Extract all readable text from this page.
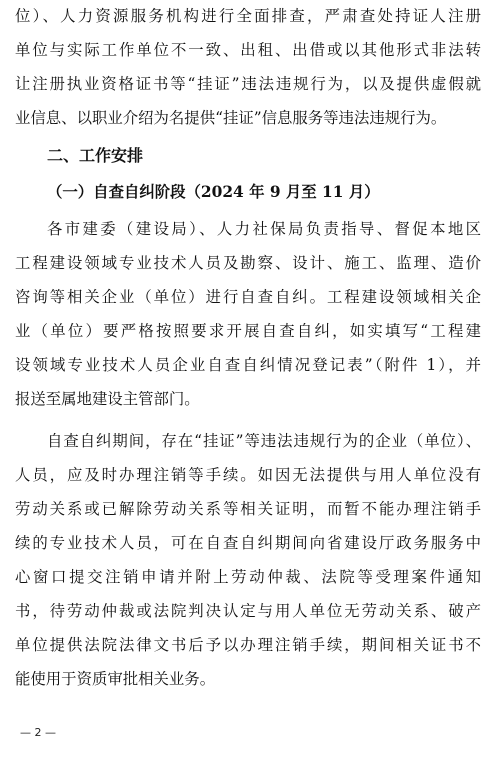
位）、人力资源服务机构进行全面排查，严肃查处持证人注册
单位与实际工作单位不一致、出租、出借或以其他形式非法转
让注册执业资格证书等“挂证”违法违规行为，以及提供虚假就
业信息、以职业介绍为名提供“挂证”信息服务等违法违规行为。
二、工作安排
（一）自查自纠阶段（2024 年 9 月至 11 月）
各市建委（建设局）、人力社保局负责指导、督促本地区
工程建设领域专业技术人员及勘察、设计、施工、监理、造价
咨询等相关企业（单位）进行自查自纠。工程建设领域相关企
业（单位）要严格按照要求开展自查自纠，如实填写“工程建
设领域专业技术人员企业自查自纠情况登记表”（附件 1），并
报送至属地建设主管部门。
自查自纠期间，存在“挂证”等违法违规行为的企业（单位）、
人员，应及时办理注销等手续。如因无法提供与用人单位没有
劳动关系或已解除劳动关系等相关证明，而暂不能办理注销手
续的专业技术人员，可在自查自纠期间向省建设厅政务服务中
心窗口提交注销申请并附上劳动仲裁、法院等受理案件通知
书，待劳动仲裁或法院判决认定与用人单位无劳动关系、破产
单位提供法院法律文书后予以办理注销手续，期间相关证书不
能使用于资质审批相关业务。
— 2 —
